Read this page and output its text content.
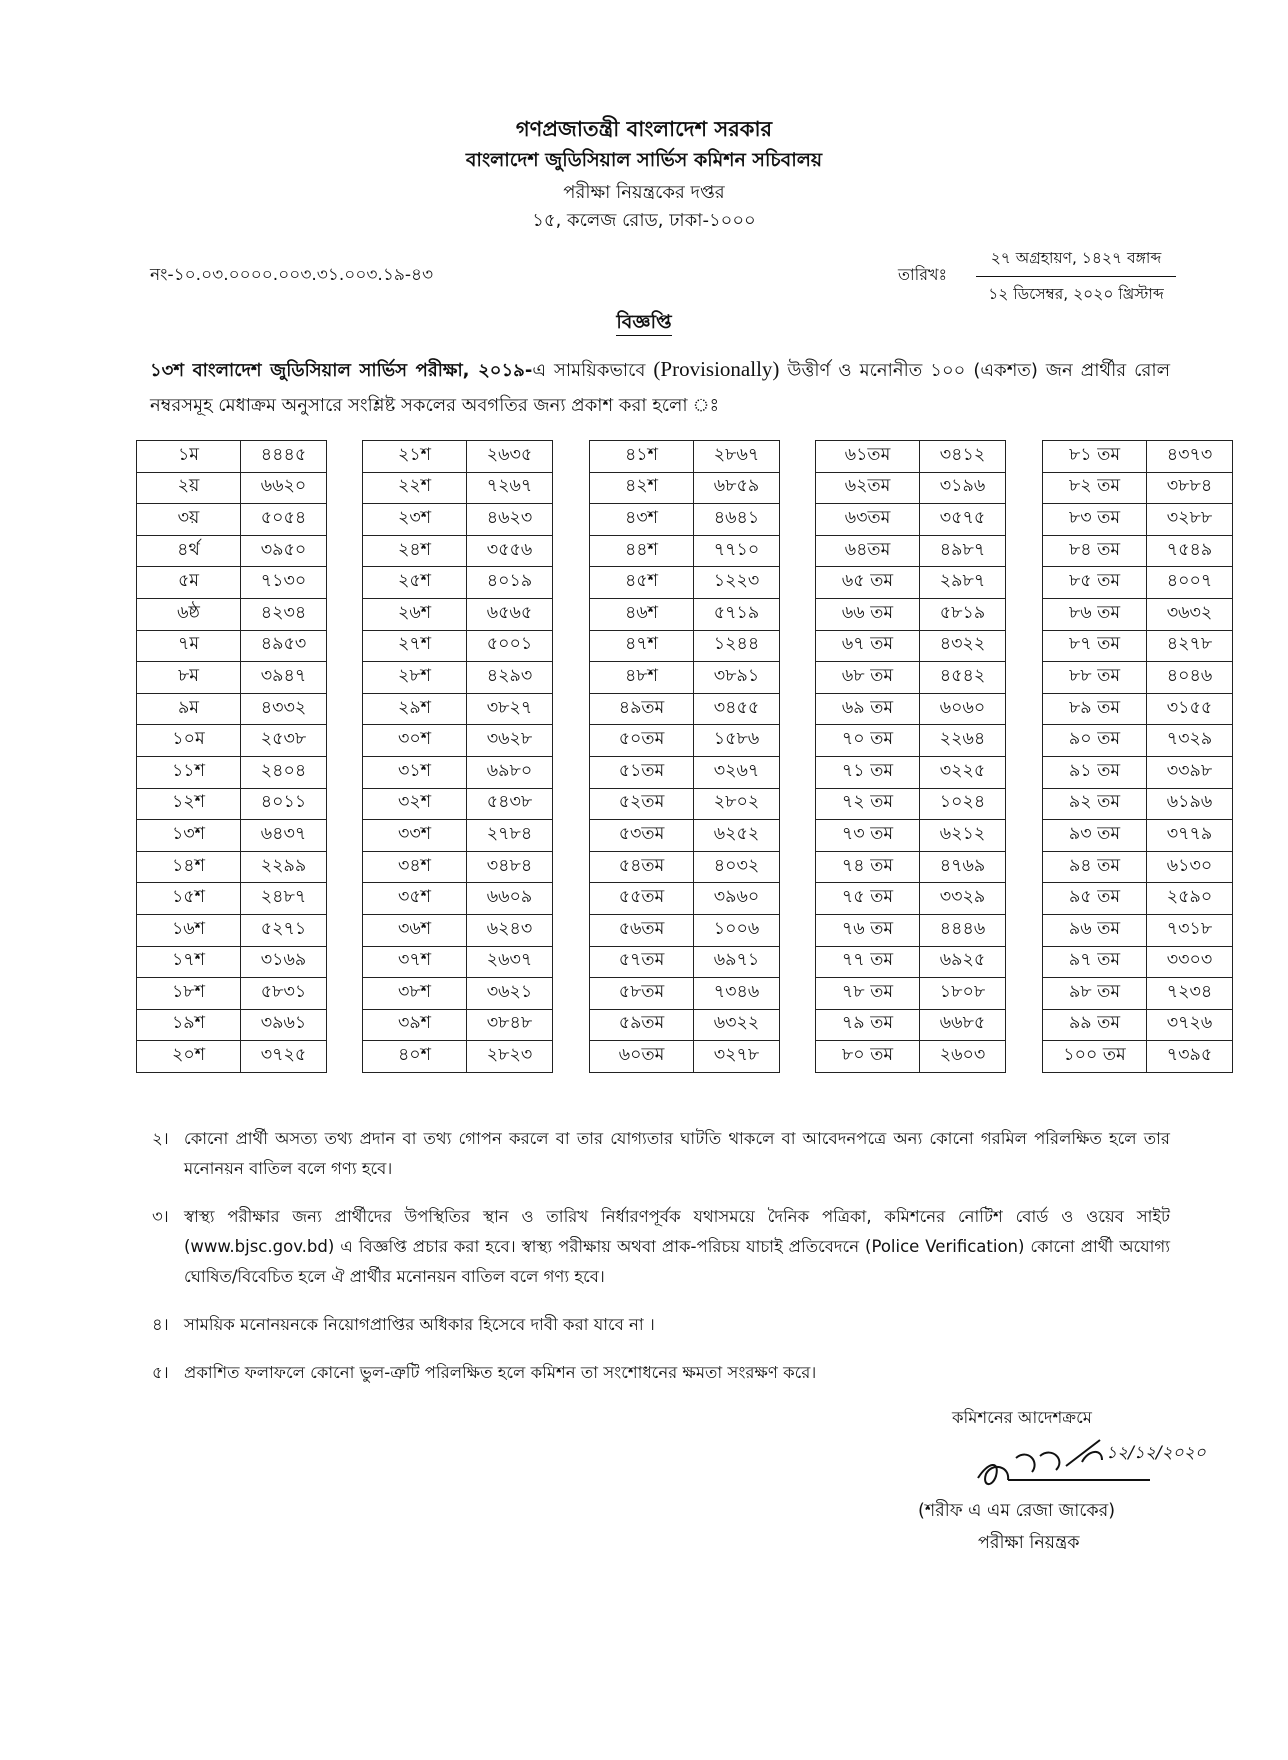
গণপ্রজাতন্ত্রী বাংলাদেশ সরকার
বাংলাদেশ জুডিসিয়াল সার্ভিস কমিশন সচিবালয়
পরীক্ষা নিয়ন্ত্রকের দপ্তর
১৫, কলেজ রোড, ঢাকা-১০০০
নং-১০.০৩.০০০০.০০৩.৩১.০০৩.১৯-৪৩	তারিখঃ
২৭ অগ্রহায়ণ, ১৪২৭ বঙ্গাব্দ
১২ ডিসেম্বর, ২০২০ খ্রিস্টাব্দ
বিজ্ঞপ্তি
১৩শ বাংলাদেশ জুডিসিয়াল সার্ভিস পরীক্ষা, ২০১৯-এ সাময়িকভাবে (Provisionally) উত্তীর্ণ ও মনোনীত ১০০ (একশত) জন প্রার্থীর রোল নম্বরসমূহ মেধাক্রম অনুসারে সংশ্লিষ্ট সকলের অবগতির জন্য প্রকাশ করা হলো ঃ
১ম	৪৪৪৫
২য়	৬৬২০
৩য়	৫০৫৪
৪র্থ	৩৯৫০
৫ম	৭১৩০
৬ষ্ঠ	৪২৩৪
৭ম	৪৯৫৩
৮ম	৩৯৪৭
৯ম	৪৩৩২
১০ম	২৫৩৮
১১শ	২৪০৪
১২শ	৪০১১
১৩শ	৬৪৩৭
১৪শ	২২৯৯
১৫শ	২৪৮৭
১৬শ	৫২৭১
১৭শ	৩১৬৯
১৮শ	৫৮৩১
১৯শ	৩৯৬১
২০শ	৩৭২৫
২১শ	২৬৩৫
২২শ	৭২৬৭
২৩শ	৪৬২৩
২৪শ	৩৫৫৬
২৫শ	৪০১৯
২৬শ	৬৫৬৫
২৭শ	৫০০১
২৮শ	৪২৯৩
২৯শ	৩৮২৭
৩০শ	৩৬২৮
৩১শ	৬৯৮০
৩২শ	৫৪৩৮
৩৩শ	২৭৮৪
৩৪শ	৩৪৮৪
৩৫শ	৬৬০৯
৩৬শ	৬২৪৩
৩৭শ	২৬৩৭
৩৮শ	৩৬২১
৩৯শ	৩৮৪৮
৪০শ	২৮২৩
৪১শ	২৮৬৭
৪২শ	৬৮৫৯
৪৩শ	৪৬৪১
৪৪শ	৭৭১০
৪৫শ	১২২৩
৪৬শ	৫৭১৯
৪৭শ	১২৪৪
৪৮শ	৩৮৯১
৪৯তম	৩৪৫৫
৫০তম	১৫৮৬
৫১তম	৩২৬৭
৫২তম	২৮০২
৫৩তম	৬২৫২
৫৪তম	৪০৩২
৫৫তম	৩৯৬০
৫৬তম	১০০৬
৫৭তম	৬৯৭১
৫৮তম	৭৩৪৬
৫৯তম	৬৩২২
৬০তম	৩২৭৮
৬১তম	৩৪১২
৬২তম	৩১৯৬
৬৩তম	৩৫৭৫
৬৪তম	৪৯৮৭
৬৫ তম	২৯৮৭
৬৬ তম	৫৮১৯
৬৭ তম	৪৩২২
৬৮ তম	৪৫৪২
৬৯ তম	৬০৬০
৭০ তম	২২৬৪
৭১ তম	৩২২৫
৭২ তম	১০২৪
৭৩ তম	৬২১২
৭৪ তম	৪৭৬৯
৭৫ তম	৩৩২৯
৭৬ তম	৪৪৪৬
৭৭ তম	৬৯২৫
৭৮ তম	১৮০৮
৭৯ তম	৬৬৮৫
৮০ তম	২৬০৩
৮১ তম	৪৩৭৩
৮২ তম	৩৮৮৪
৮৩ তম	৩২৮৮
৮৪ তম	৭৫৪৯
৮৫ তম	৪০০৭
৮৬ তম	৩৬৩২
৮৭ তম	৪২৭৮
৮৮ তম	৪০৪৬
৮৯ তম	৩১৫৫
৯০ তম	৭৩২৯
৯১ তম	৩৩৯৮
৯২ তম	৬১৯৬
৯৩ তম	৩৭৭৯
৯৪ তম	৬১৩০
৯৫ তম	২৫৯০
৯৬ তম	৭৩১৮
৯৭ তম	৩৩০৩
৯৮ তম	৭২৩৪
৯৯ তম	৩৭২৬
১০০ তম	৭৩৯৫
২। কোনো প্রার্থী অসত্য তথ্য প্রদান বা তথ্য গোপন করলে বা তার যোগ্যতার ঘাটতি থাকলে বা আবেদনপত্রে অন্য কোনো গরমিল পরিলক্ষিত হলে তার মনোনয়ন বাতিল বলে গণ্য হবে।
৩। স্বাস্থ্য পরীক্ষার জন্য প্রার্থীদের উপস্থিতির স্থান ও তারিখ নির্ধারণপূর্বক যথাসময়ে দৈনিক পত্রিকা, কমিশনের নোটিশ বোর্ড ও ওয়েব সাইট (www.bjsc.gov.bd) এ বিজ্ঞপ্তি প্রচার করা হবে। স্বাস্থ্য পরীক্ষায় অথবা প্রাক-পরিচয় যাচাই প্রতিবেদনে (Police Verification) কোনো প্রার্থী অযোগ্য ঘোষিত/বিবেচিত হলে ঐ প্রার্থীর মনোনয়ন বাতিল বলে গণ্য হবে।
৪। সাময়িক মনোনয়নকে নিয়োগপ্রাপ্তির অধিকার হিসেবে দাবী করা যাবে না ।
৫। প্রকাশিত ফলাফলে কোনো ভুল-ত্রুটি পরিলক্ষিত হলে কমিশন তা সংশোধনের ক্ষমতা সংরক্ষণ করে।
কমিশনের আদেশক্রমে
১২/১২/২০২০
(শরীফ এ এম রেজা জাকের)
পরীক্ষা নিয়ন্ত্রক
